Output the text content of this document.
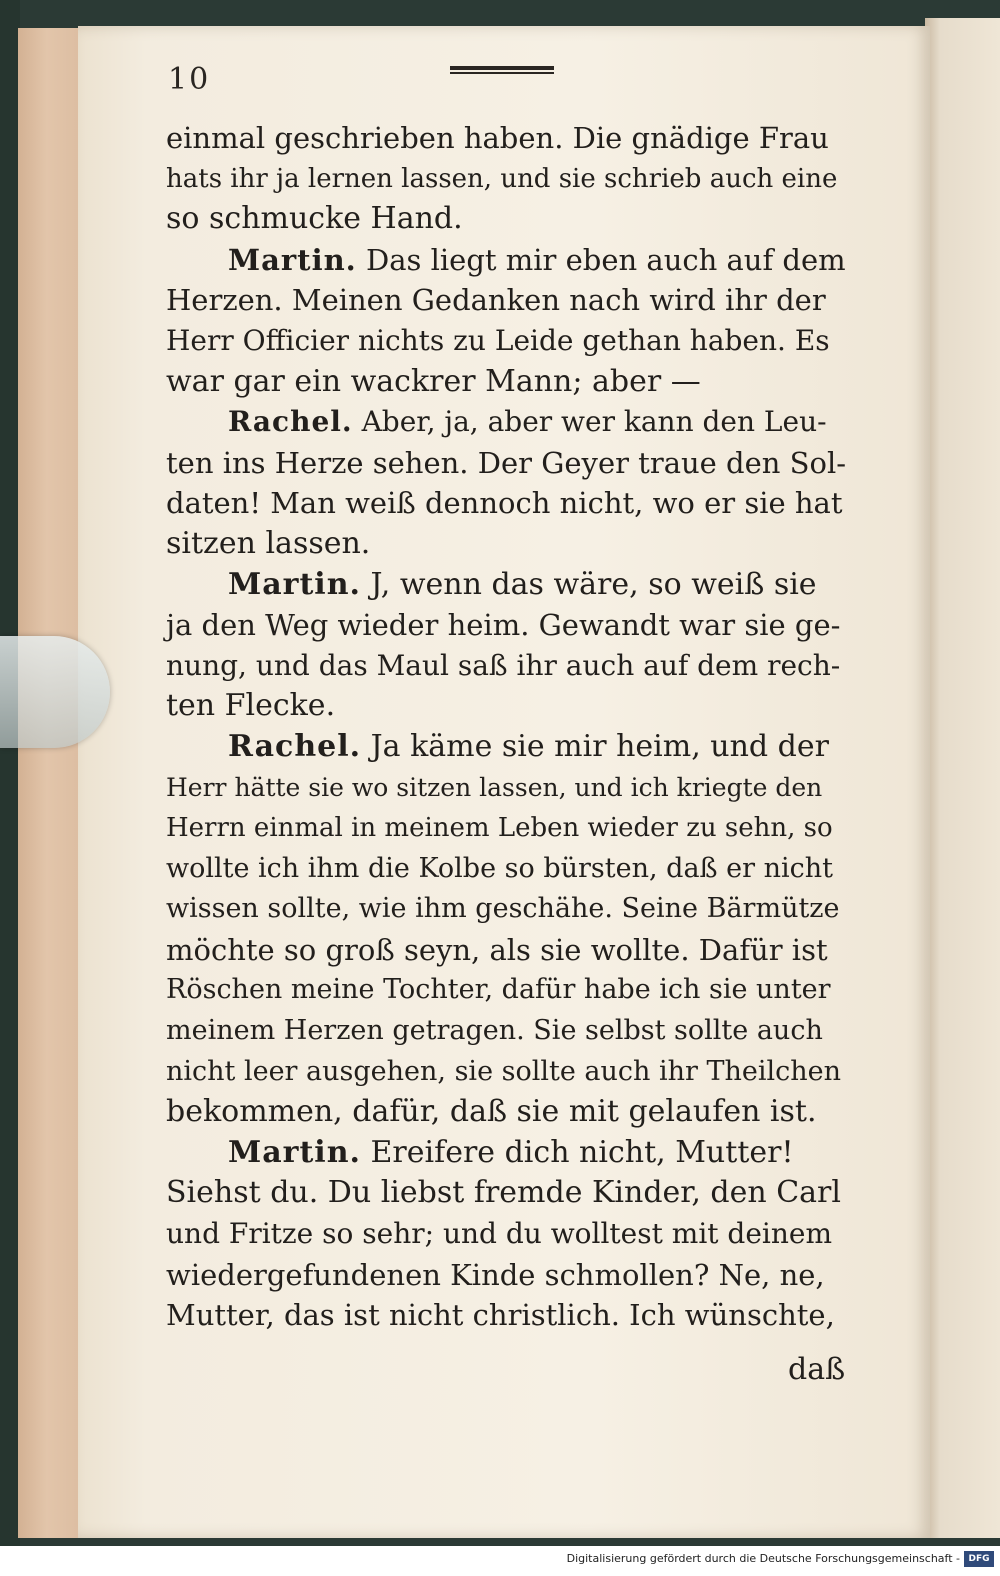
10
einmal geschrieben haben. Die gnädige Frau
hats ihr ja lernen lassen, und sie schrieb auch eine
so schmucke Hand.
Martin. Das liegt mir eben auch auf dem
Herzen. Meinen Gedanken nach wird ihr der
Herr Officier nichts zu Leide gethan haben. Es
war gar ein wackrer Mann; aber —
Rachel. Aber, ja, aber wer kann den Leu-
ten ins Herze sehen. Der Geyer traue den Sol-
daten! Man weiß dennoch nicht, wo er sie hat
sitzen lassen.
Martin. J, wenn das wäre, so weiß sie
ja den Weg wieder heim. Gewandt war sie ge-
nung, und das Maul saß ihr auch auf dem rech-
ten Flecke.
Rachel. Ja käme sie mir heim, und der
Herr hätte sie wo sitzen lassen, und ich kriegte den
Herrn einmal in meinem Leben wieder zu sehn, so
wollte ich ihm die Kolbe so bürsten, daß er nicht
wissen sollte, wie ihm geschähe. Seine Bärmütze
möchte so groß seyn, als sie wollte. Dafür ist
Röschen meine Tochter, dafür habe ich sie unter
meinem Herzen getragen. Sie selbst sollte auch
nicht leer ausgehen, sie sollte auch ihr Theilchen
bekommen, dafür, daß sie mit gelaufen ist.
Martin. Ereifere dich nicht, Mutter!
Siehst du. Du liebst fremde Kinder, den Carl
und Fritze so sehr; und du wolltest mit deinem
wiedergefundenen Kinde schmollen? Ne, ne,
Mutter, das ist nicht christlich. Ich wünschte,
daß
Digitalisierung gefördert durch die Deutsche Forschungsgemeinschaft - DFG
